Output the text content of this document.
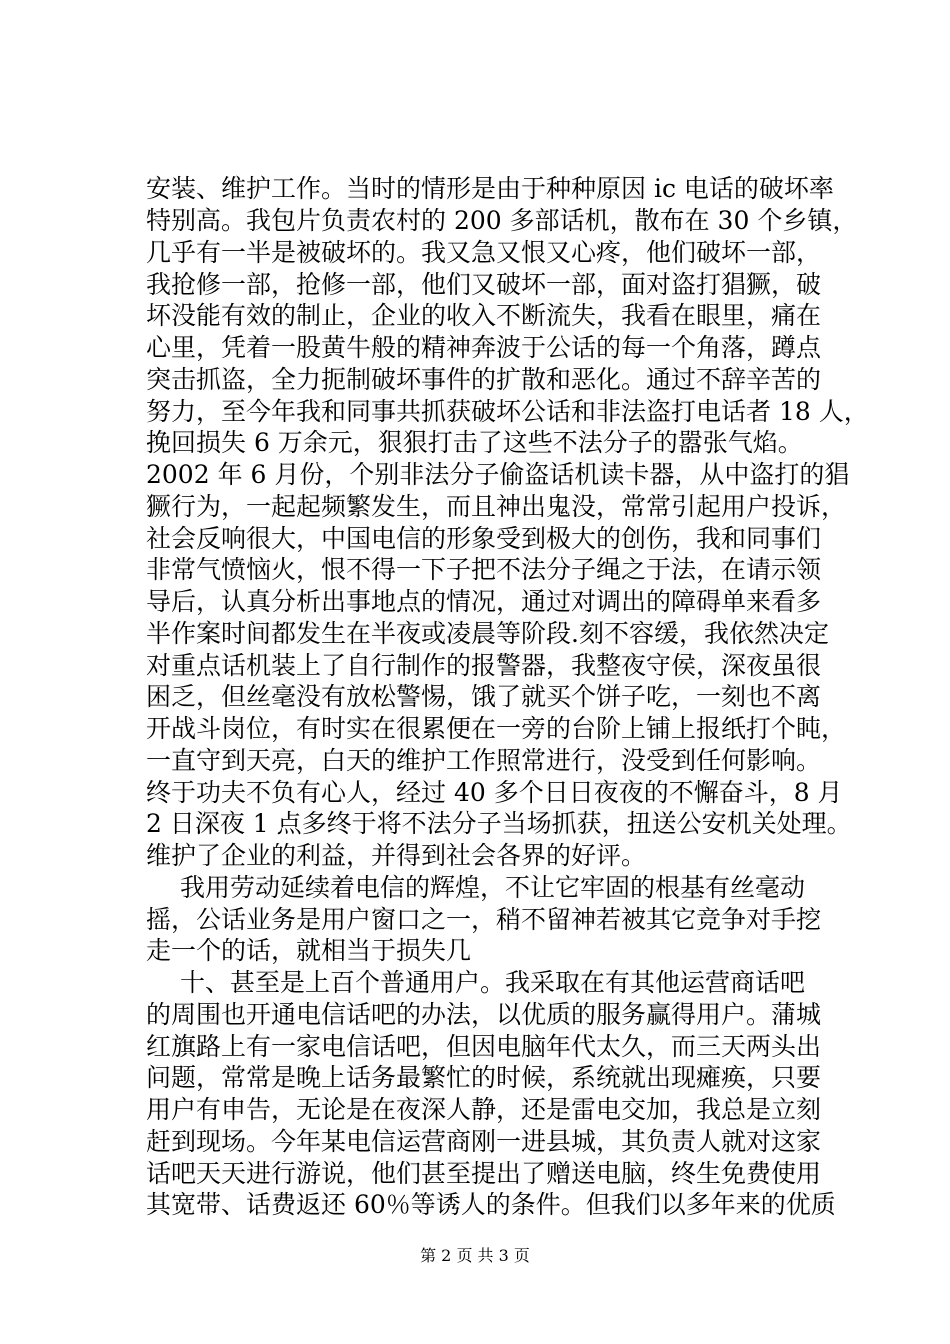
安装、维护工作。当时的情形是由于种种原因 ic 电话的破坏率
特别高。我包片负责农村的 200 多部话机，散布在 30 个乡镇，
几乎有一半是被破坏的。我又急又恨又心疼，他们破坏一部，
我抢修一部，抢修一部，他们又破坏一部，面对盗打猖獗，破
坏没能有效的制止，企业的收入不断流失，我看在眼里，痛在
心里，凭着一股黄牛般的精神奔波于公话的每一个角落，蹲点
突击抓盗，全力扼制破坏事件的扩散和恶化。通过不辞辛苦的
努力，至今年我和同事共抓获破坏公话和非法盗打电话者 18 人，
挽回损失 6 万余元，狠狠打击了这些不法分子的嚣张气焰。
2002 年 6 月份，个别非法分子偷盗话机读卡器，从中盗打的猖
獗行为，一起起频繁发生，而且神出鬼没，常常引起用户投诉，
社会反响很大，中国电信的形象受到极大的创伤，我和同事们
非常气愤恼火，恨不得一下子把不法分子绳之于法，在请示领
导后，认真分析出事地点的情况，通过对调出的障碍单来看多
半作案时间都发生在半夜或凌晨等阶段.刻不容缓，我依然决定
对重点话机装上了自行制作的报警器，我整夜守侯，深夜虽很
困乏，但丝毫没有放松警惕，饿了就买个饼子吃，一刻也不离
开战斗岗位，有时实在很累便在一旁的台阶上铺上报纸打个盹，
一直守到天亮，白天的维护工作照常进行，没受到任何影响。
终于功夫不负有心人，经过 40 多个日日夜夜的不懈奋斗，8 月
2 日深夜 1 点多终于将不法分子当场抓获，扭送公安机关处理。
维护了企业的利益，并得到社会各界的好评。
我用劳动延续着电信的辉煌，不让它牢固的根基有丝毫动
摇，公话业务是用户窗口之一，稍不留神若被其它竞争对手挖
走一个的话，就相当于损失几
十、甚至是上百个普通用户。我采取在有其他运营商话吧
的周围也开通电信话吧的办法，以优质的服务赢得用户。蒲城
红旗路上有一家电信话吧，但因电脑年代太久，而三天两头出
问题，常常是晚上话务最繁忙的时候，系统就出现瘫痪，只要
用户有申告，无论是在夜深人静，还是雷电交加，我总是立刻
赶到现场。今年某电信运营商刚一进县城，其负责人就对这家
话吧天天进行游说，他们甚至提出了赠送电脑，终生免费使用
其宽带、话费返还 60％等诱人的条件。但我们以多年来的优质
第 2 页 共 3 页
